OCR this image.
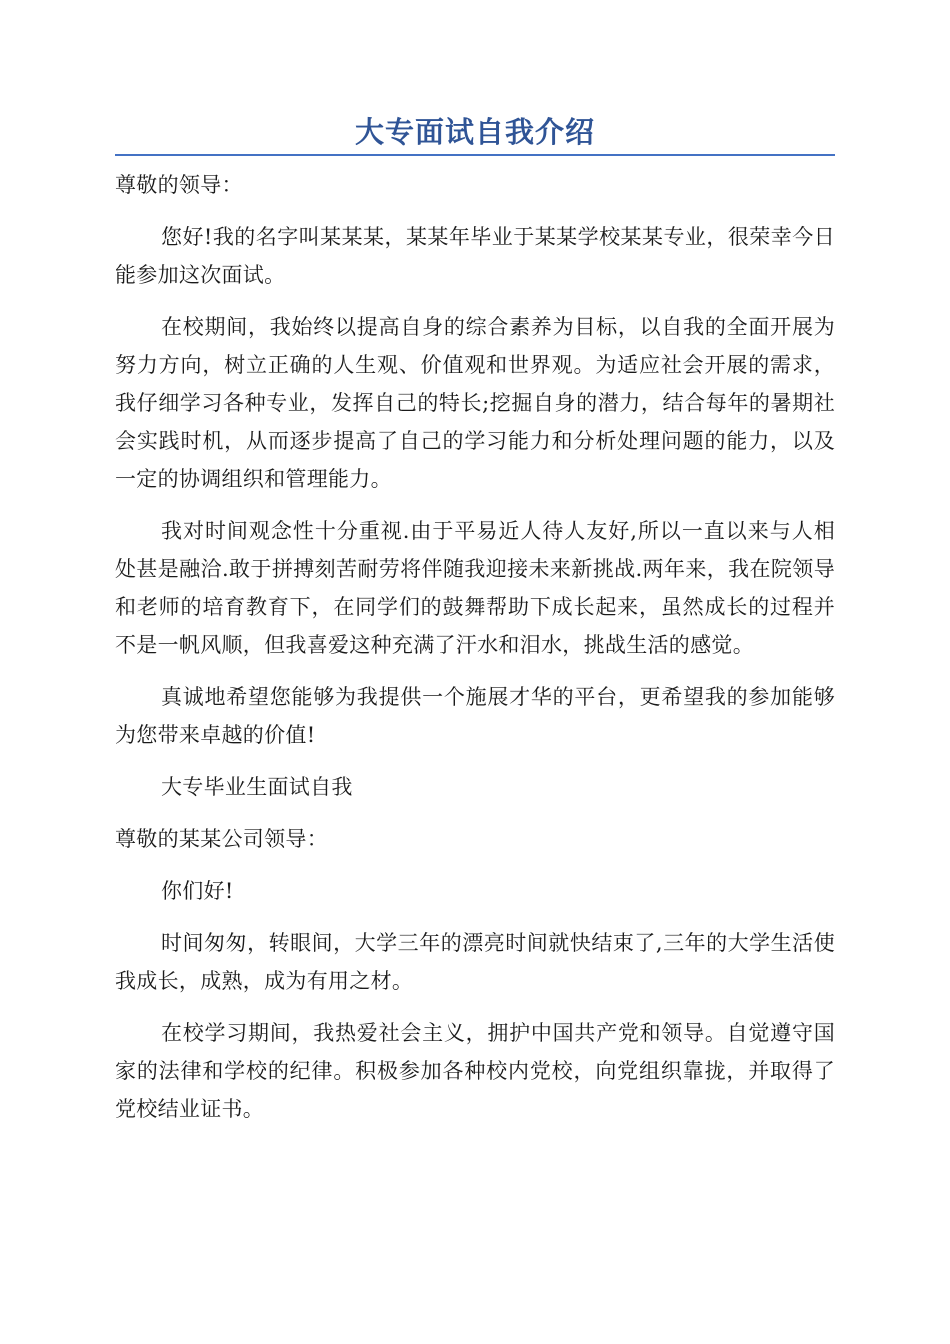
大专面试自我介绍

尊敬的领导：

您好!我的名字叫某某某，某某年毕业于某某学校某某专业，很荣幸今日能参加这次面试。

在校期间，我始终以提高自身的综合素养为目标，以自我的全面开展为努力方向，树立正确的人生观、价值观和世界观。为适应社会开展的需求，我仔细学习各种专业，发挥自己的特长;挖掘自身的潜力，结合每年的暑期社会实践时机，从而逐步提高了自己的学习能力和分析处理问题的能力，以及一定的协调组织和管理能力。

我对时间观念性十分重视.由于平易近人待人友好,所以一直以来与人相处甚是融洽.敢于拼搏刻苦耐劳将伴随我迎接未来新挑战.两年来，我在院领导和老师的培育教育下，在同学们的鼓舞帮助下成长起来，虽然成长的过程并不是一帆风顺，但我喜爱这种充满了汗水和泪水，挑战生活的感觉。

真诚地希望您能够为我提供一个施展才华的平台，更希望我的参加能够为您带来卓越的价值!

大专毕业生面试自我

尊敬的某某公司领导：

你们好!

时间匆匆，转眼间，大学三年的漂亮时间就快结束了,三年的大学生活使我成长，成熟，成为有用之材。

在校学习期间，我热爱社会主义，拥护中国共产党和领导。自觉遵守国家的法律和学校的纪律。积极参加各种校内党校，向党组织靠拢，并取得了党校结业证书。
